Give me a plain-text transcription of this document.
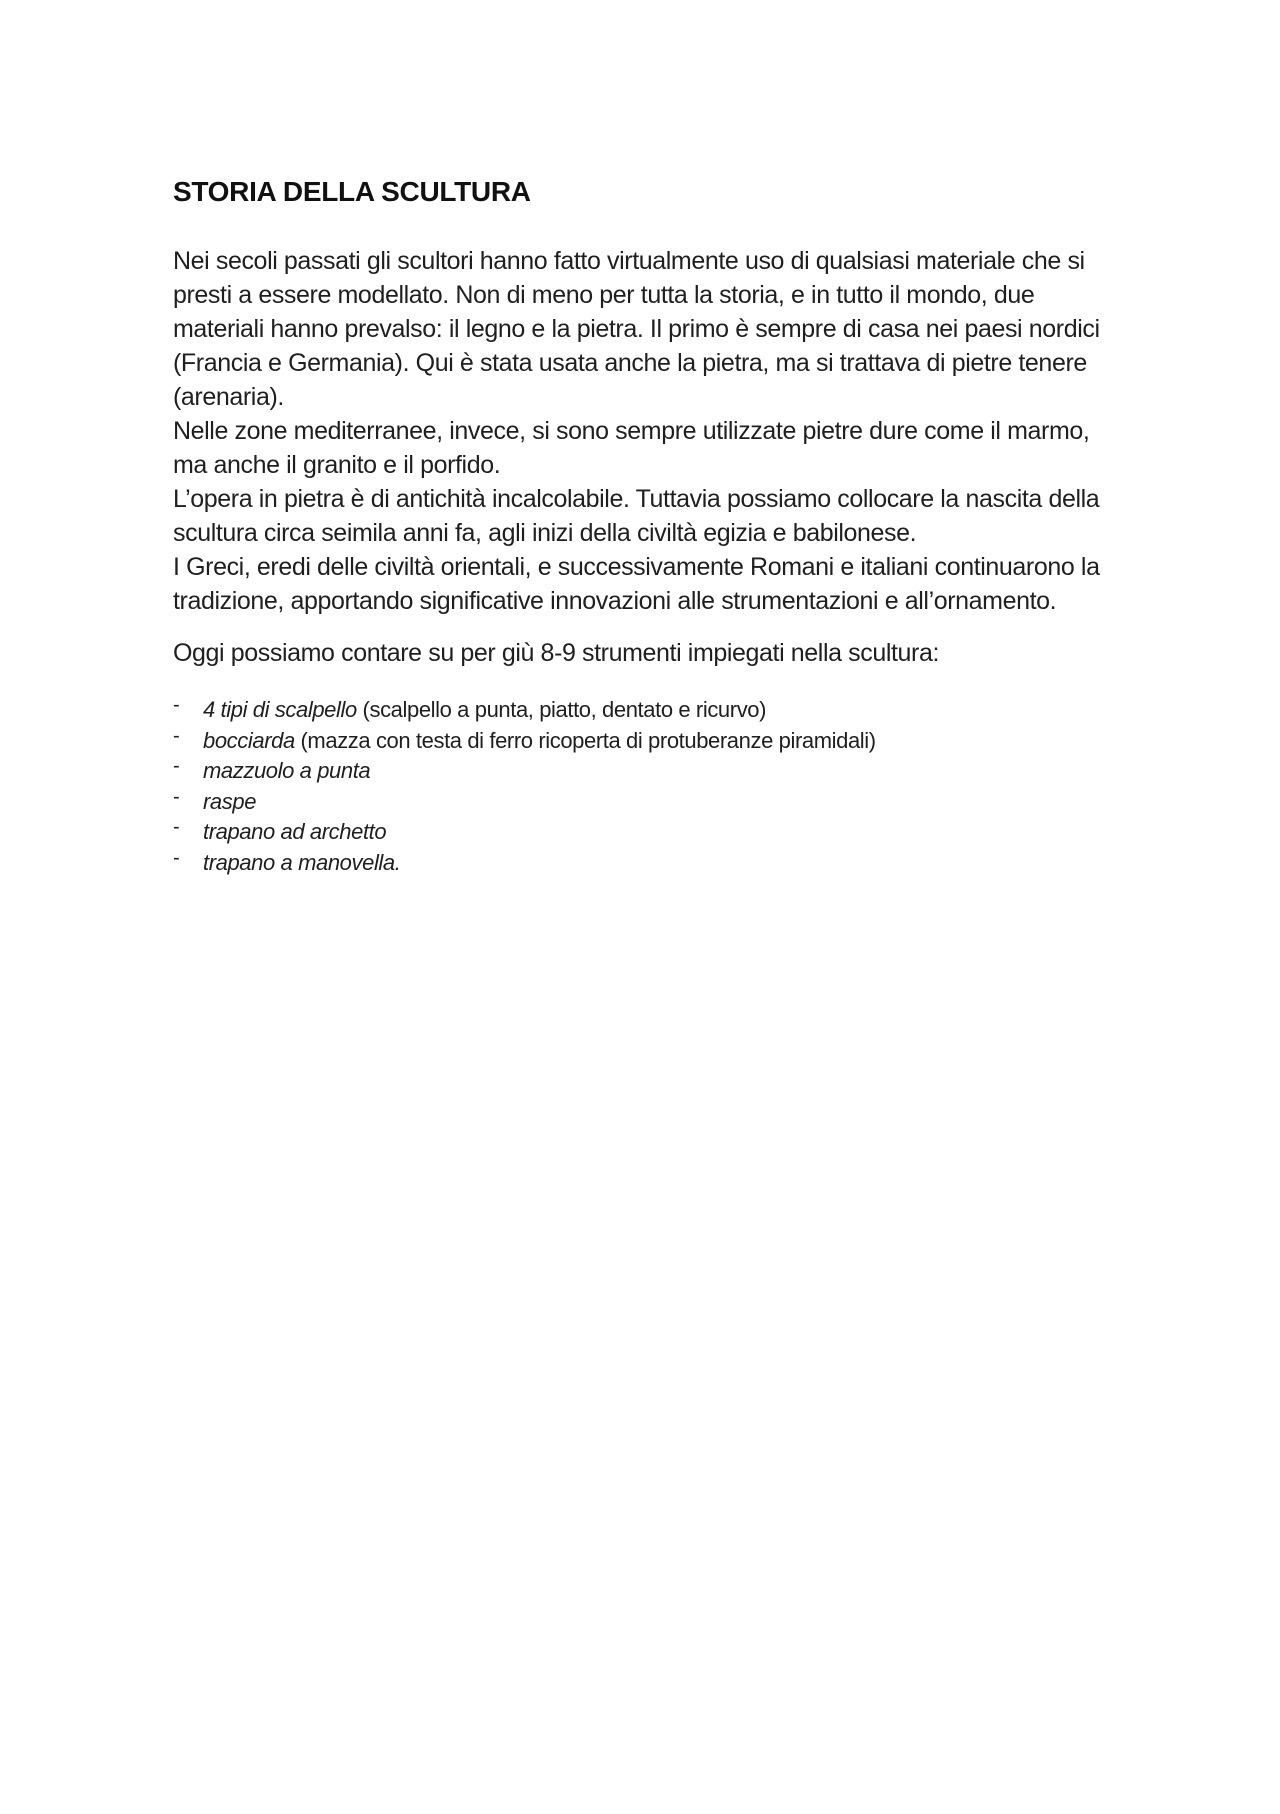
STORIA DELLA SCULTURA

Nei secoli passati gli scultori hanno fatto virtualmente uso di qualsiasi materiale che si presti a essere modellato. Non di meno per tutta la storia, e in tutto il mondo, due materiali hanno prevalso: il legno e la pietra. Il primo è sempre di casa nei paesi nordici (Francia e Germania). Qui è stata usata anche la pietra, ma si trattava di pietre tenere (arenaria).

Nelle zone mediterranee, invece, si sono sempre utilizzate pietre dure come il marmo, ma anche il granito e il porfido.

L’opera in pietra è di antichità incalcolabile. Tuttavia possiamo collocare la nascita della scultura circa seimila anni fa, agli inizi della civiltà egizia e babilonese.

I Greci, eredi delle civiltà orientali, e successivamente Romani e italiani continuarono la tradizione, apportando significative innovazioni alle strumentazioni e all’ornamento.

Oggi possiamo contare su per giù 8-9 strumenti impiegati nella scultura:

- 4 tipi di scalpello (scalpello a punta, piatto, dentato e ricurvo)
- bocciarda (mazza con testa di ferro ricoperta di protuberanze piramidali)
- mazzuolo a punta
- raspe
- trapano ad archetto
- trapano a manovella.
